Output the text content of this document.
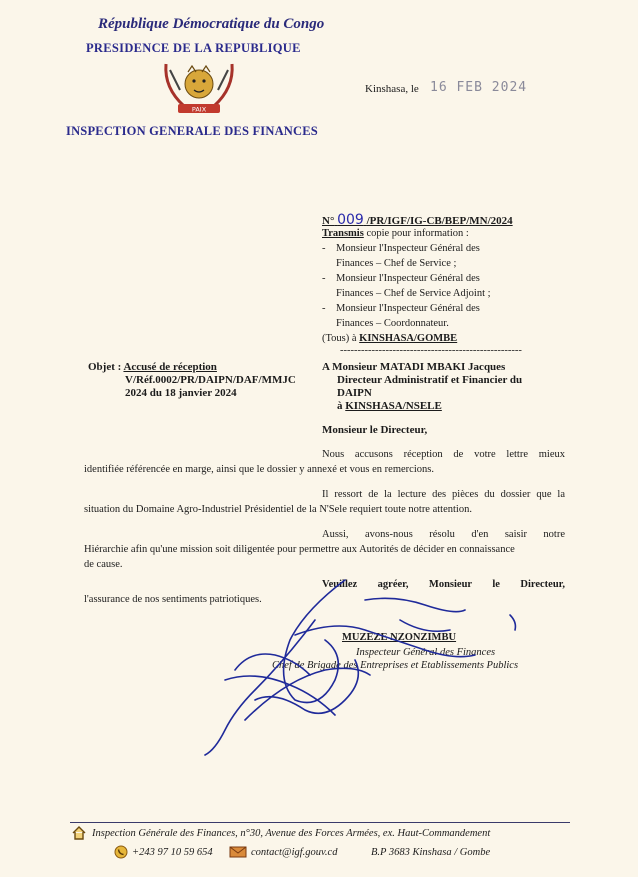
République Démocratique du Congo
PRESIDENCE DE LA REPUBLIQUE
PAIX
INSPECTION GENERALE DES FINANCES
Kinshasa, le 16 FEB 2024
N° 009 /PR/IGF/IG-CB/BEP/MN/2024
Transmis copie pour information :
- Monsieur l'Inspecteur Général des
Finances – Chef de Service ;
- Monsieur l'Inspecteur Général des
Finances – Chef de Service Adjoint ;
- Monsieur l'Inspecteur Général des
Finances – Coordonnateur.
(Tous) à KINSHASA/GOMBE
----------------------------------------------------
Objet : Accusé de réception
V/Réf.0002/PR/DAIPN/DAF/MMJC
2024 du 18 janvier 2024
A Monsieur MATADI MBAKI Jacques
Directeur Administratif et Financier du
DAIPN
à KINSHASA/NSELE
Monsieur le Directeur,
Nous accusons réception de votre lettre mieux
identifiée référencée en marge, ainsi que le dossier y annexé et vous en remercions.
Il ressort de la lecture des pièces du dossier que la
situation du Domaine Agro-Industriel Présidentiel de la N'Sele requiert toute notre attention.
Aussi, avons-nous résolu d'en saisir notre
Hiérarchie afin qu'une mission soit diligentée pour permettre aux Autorités de décider en connaissance
de cause.
Veuillez agréer, Monsieur le Directeur,
l'assurance de nos sentiments patriotiques.
MUZEZE NZONZIMBU
Inspecteur Général des Finances
Chef de Brigade des Entreprises et Etablissements Publics
Inspection Générale des Finances, n°30, Avenue des Forces Armées, ex. Haut-Commandement
+243 97 10 59 654	contact@igf.gouv.cd	B.P 3683 Kinshasa / Gombe
